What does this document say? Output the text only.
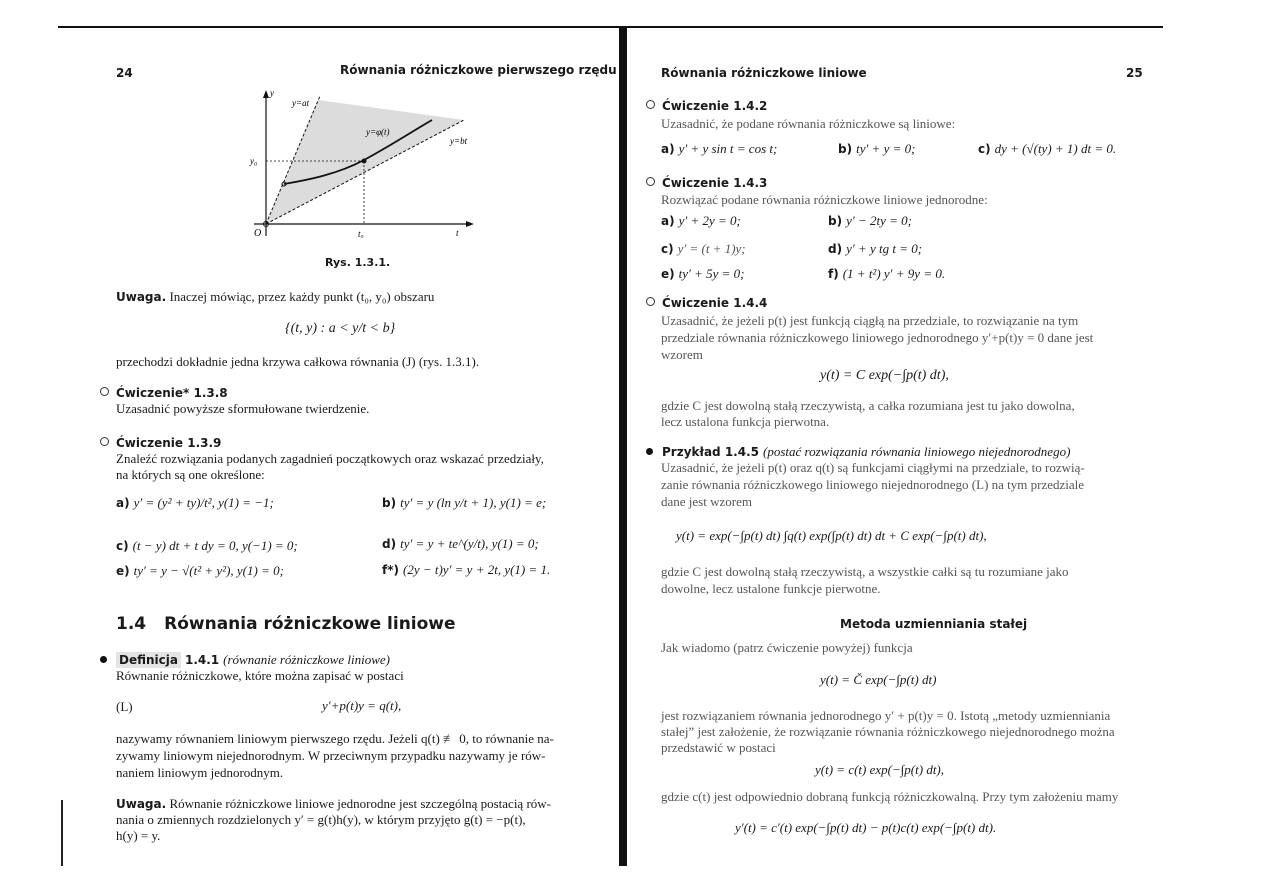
24	Równania różniczkowe pierwszego rzędu
y
t
O
y=at
y=bt
y=φ(t)
y₀
t₀
Rys. 1.3.1.
Uwaga. Inaczej mówiąc, przez każdy punkt (t₀, y₀) obszaru
{(t, y) : a < y/t < b}
przechodzi dokładnie jedna krzywa całkowa równania (J) (rys. 1.3.1).
Ćwiczenie* 1.3.8
Uzasadnić powyższe sformułowane twierdzenie.
Ćwiczenie 1.3.9
Znaleźć rozwiązania podanych zagadnień początkowych oraz wskazać przedziały,
na których są one określone:
a) y′ = (y² + ty)/t², y(1) = −1;	b) ty′ = y (ln y/t + 1), y(1) = e;
c) (t − y) dt + t dy = 0, y(−1) = 0;	d) ty′ = y + te^(y/t), y(1) = 0;
e) ty′ = y − √(t² + y²), y(1) = 0;	f*) (2y − t)y′ = y + 2t, y(1) = 1.
1.4 Równania różniczkowe liniowe
Definicja 1.4.1 (równanie różniczkowe liniowe)
Równanie różniczkowe, które można zapisać w postaci
(L)	y′+p(t)y = q(t),
nazywamy równaniem liniowym pierwszego rzędu. Jeżeli q(t) ≢ 0, to równanie na-
zywamy liniowym niejednorodnym. W przeciwnym przypadku nazywamy je rów-
naniem liniowym jednorodnym.
Uwaga. Równanie różniczkowe liniowe jednorodne jest szczególną postacią rów-
nania o zmiennych rozdzielonych y′ = g(t)h(y), w którym przyjęto g(t) = −p(t),
h(y) = y.
Równania różniczkowe liniowe	25
Ćwiczenie 1.4.2
Uzasadnić, że podane równania różniczkowe są liniowe:
a) y′ + y sin t = cos t;	b) ty′ + y = 0;	c) dy + (√(ty) + 1) dt = 0.
Ćwiczenie 1.4.3
Rozwiązać podane równania różniczkowe liniowe jednorodne:
a) y′ + 2y = 0;	b) y′ − 2ty = 0;
c) y′ = (t + 1)y;	d) y′ + y tg t = 0;
e) ty′ + 5y = 0;	f) (1 + t²) y′ + 9y = 0.
Ćwiczenie 1.4.4
Uzasadnić, że jeżeli p(t) jest funkcją ciągłą na przedziale, to rozwiązanie na tym
przedziale równania różniczkowego liniowego jednorodnego y′+p(t)y = 0 dane jest
wzorem
y(t) = C exp(−∫p(t) dt),
gdzie C jest dowolną stałą rzeczywistą, a całka rozumiana jest tu jako dowolna,
lecz ustalona funkcja pierwotna.
Przykład 1.4.5 (postać rozwiązania równania liniowego niejednorodnego)
Uzasadnić, że jeżeli p(t) oraz q(t) są funkcjami ciągłymi na przedziale, to rozwią-
zanie równania różniczkowego liniowego niejednorodnego (L) na tym przedziale
dane jest wzorem
y(t) = exp(−∫p(t) dt) ∫q(t) exp(∫p(t) dt) dt + C exp(−∫p(t) dt),
gdzie C jest dowolną stałą rzeczywistą, a wszystkie całki są tu rozumiane jako
dowolne, lecz ustalone funkcje pierwotne.
Metoda uzmienniania stałej
Jak wiadomo (patrz ćwiczenie powyżej) funkcja
y(t) = Č exp(−∫p(t) dt)
jest rozwiązaniem równania jednorodnego y′ + p(t)y = 0. Istotą „metody uzmienniania
stałej” jest założenie, że rozwiązanie równania różniczkowego niejednorodnego można
przedstawić w postaci
y(t) = c(t) exp(−∫p(t) dt),
gdzie c(t) jest odpowiednio dobraną funkcją różniczkowalną. Przy tym założeniu mamy
y′(t) = c′(t) exp(−∫p(t) dt) − p(t)c(t) exp(−∫p(t) dt).
